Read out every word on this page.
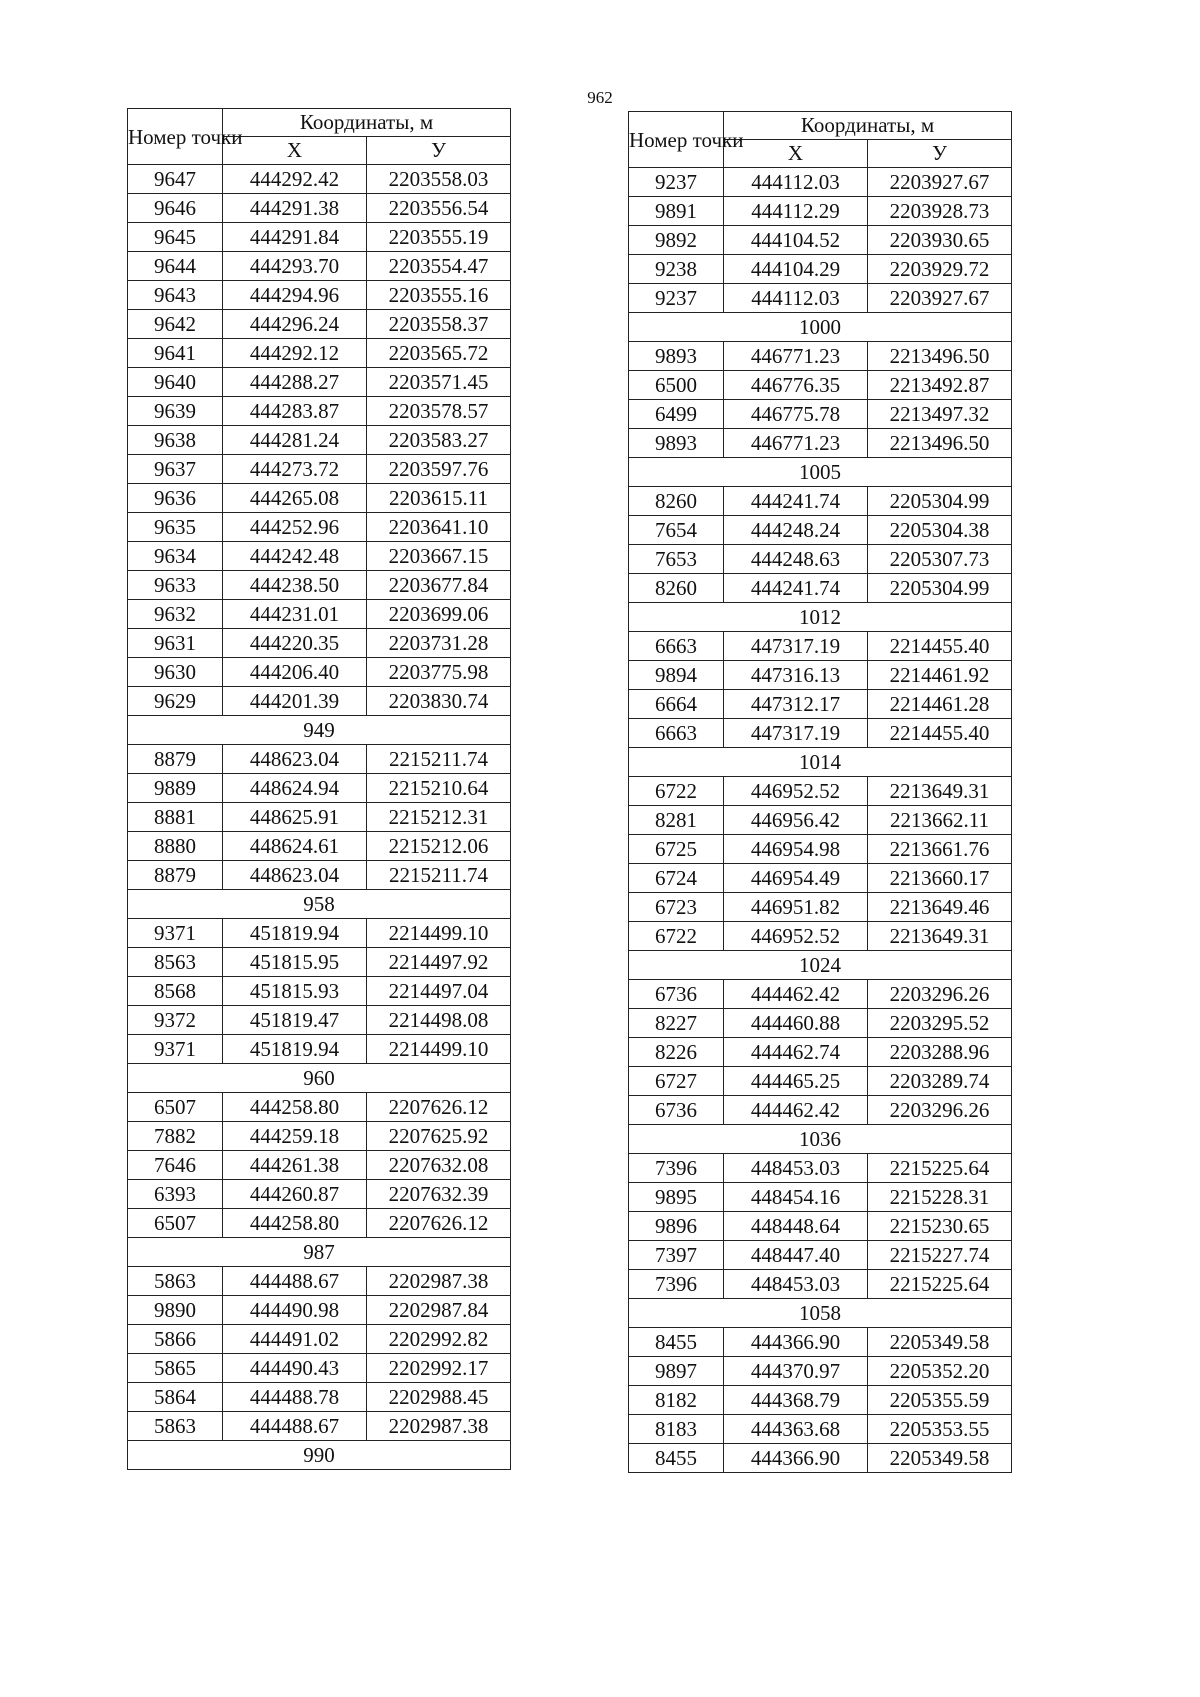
962
Номер точки	Координаты, м	
	X	У
9647	444292.42	2203558.03
9646	444291.38	2203556.54
9645	444291.84	2203555.19
9644	444293.70	2203554.47
9643	444294.96	2203555.16
9642	444296.24	2203558.37
9641	444292.12	2203565.72
9640	444288.27	2203571.45
9639	444283.87	2203578.57
9638	444281.24	2203583.27
9637	444273.72	2203597.76
9636	444265.08	2203615.11
9635	444252.96	2203641.10
9634	444242.48	2203667.15
9633	444238.50	2203677.84
9632	444231.01	2203699.06
9631	444220.35	2203731.28
9630	444206.40	2203775.98
9629	444201.39	2203830.74
949		
8879	448623.04	2215211.74
9889	448624.94	2215210.64
8881	448625.91	2215212.31
8880	448624.61	2215212.06
8879	448623.04	2215211.74
958		
9371	451819.94	2214499.10
8563	451815.95	2214497.92
8568	451815.93	2214497.04
9372	451819.47	2214498.08
9371	451819.94	2214499.10
960		
6507	444258.80	2207626.12
7882	444259.18	2207625.92
7646	444261.38	2207632.08
6393	444260.87	2207632.39
6507	444258.80	2207626.12
987		
5863	444488.67	2202987.38
9890	444490.98	2202987.84
5866	444491.02	2202992.82
5865	444490.43	2202992.17
5864	444488.78	2202988.45
5863	444488.67	2202987.38
990		
Номер точки	Координаты, м	
	X	У
9237	444112.03	2203927.67
9891	444112.29	2203928.73
9892	444104.52	2203930.65
9238	444104.29	2203929.72
9237	444112.03	2203927.67
1000		
9893	446771.23	2213496.50
6500	446776.35	2213492.87
6499	446775.78	2213497.32
9893	446771.23	2213496.50
1005		
8260	444241.74	2205304.99
7654	444248.24	2205304.38
7653	444248.63	2205307.73
8260	444241.74	2205304.99
1012		
6663	447317.19	2214455.40
9894	447316.13	2214461.92
6664	447312.17	2214461.28
6663	447317.19	2214455.40
1014		
6722	446952.52	2213649.31
8281	446956.42	2213662.11
6725	446954.98	2213661.76
6724	446954.49	2213660.17
6723	446951.82	2213649.46
6722	446952.52	2213649.31
1024		
6736	444462.42	2203296.26
8227	444460.88	2203295.52
8226	444462.74	2203288.96
6727	444465.25	2203289.74
6736	444462.42	2203296.26
1036		
7396	448453.03	2215225.64
9895	448454.16	2215228.31
9896	448448.64	2215230.65
7397	448447.40	2215227.74
7396	448453.03	2215225.64
1058		
8455	444366.90	2205349.58
9897	444370.97	2205352.20
8182	444368.79	2205355.59
8183	444363.68	2205353.55
8455	444366.90	2205349.58
